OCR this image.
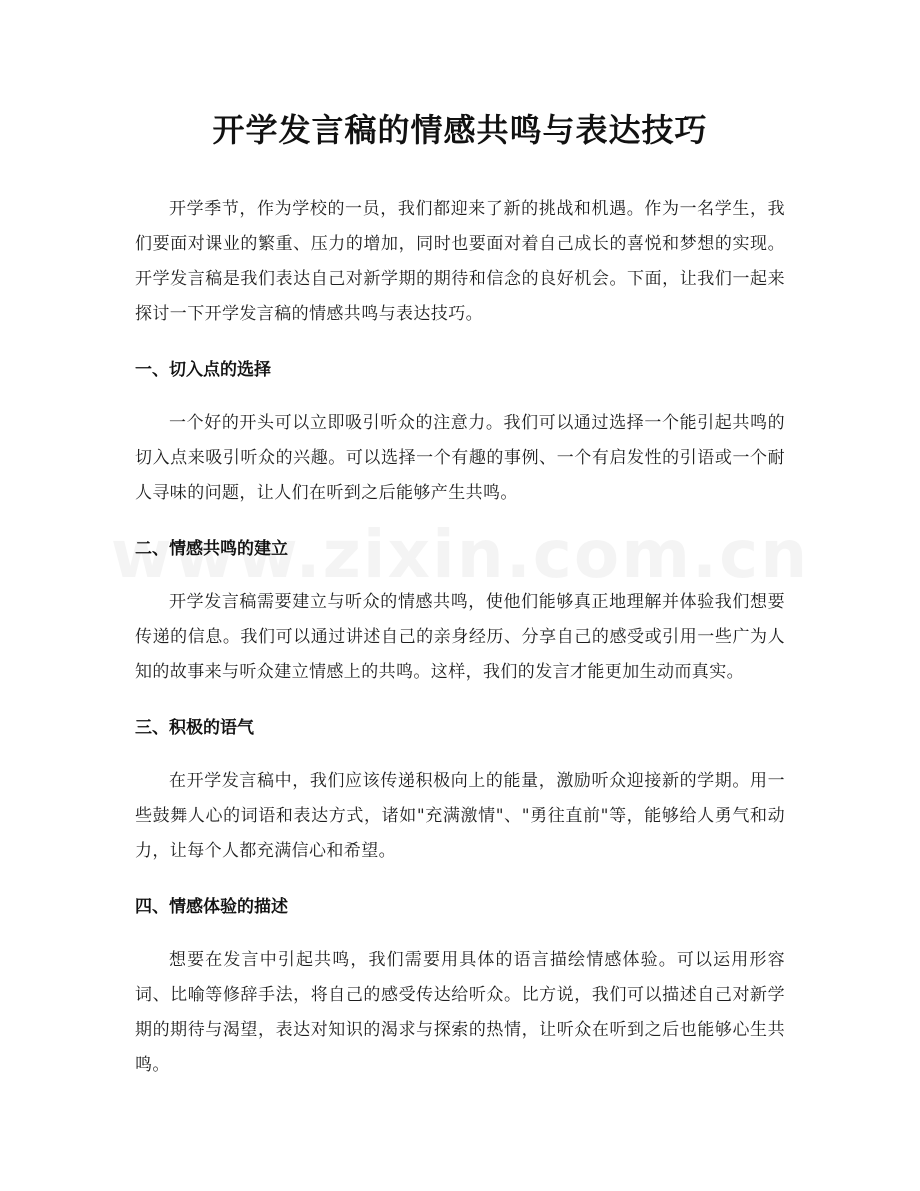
开学发言稿的情感共鸣与表达技巧

开学季节，作为学校的一员，我们都迎来了新的挑战和机遇。作为一名学生，我们要面对课业的繁重、压力的增加，同时也要面对着自己成长的喜悦和梦想的实现。开学发言稿是我们表达自己对新学期的期待和信念的良好机会。下面，让我们一起来探讨一下开学发言稿的情感共鸣与表达技巧。

一、切入点的选择

一个好的开头可以立即吸引听众的注意力。我们可以通过选择一个能引起共鸣的切入点来吸引听众的兴趣。可以选择一个有趣的事例、一个有启发性的引语或一个耐人寻味的问题，让人们在听到之后能够产生共鸣。

二、情感共鸣的建立

开学发言稿需要建立与听众的情感共鸣，使他们能够真正地理解并体验我们想要传递的信息。我们可以通过讲述自己的亲身经历、分享自己的感受或引用一些广为人知的故事来与听众建立情感上的共鸣。这样，我们的发言才能更加生动而真实。

三、积极的语气

在开学发言稿中，我们应该传递积极向上的能量，激励听众迎接新的学期。用一些鼓舞人心的词语和表达方式，诸如"充满激情"、"勇往直前"等，能够给人勇气和动力，让每个人都充满信心和希望。

四、情感体验的描述

想要在发言中引起共鸣，我们需要用具体的语言描绘情感体验。可以运用形容词、比喻等修辞手法，将自己的感受传达给听众。比方说，我们可以描述自己对新学期的期待与渴望，表达对知识的渴求与探索的热情，让听众在听到之后也能够心生共鸣。
